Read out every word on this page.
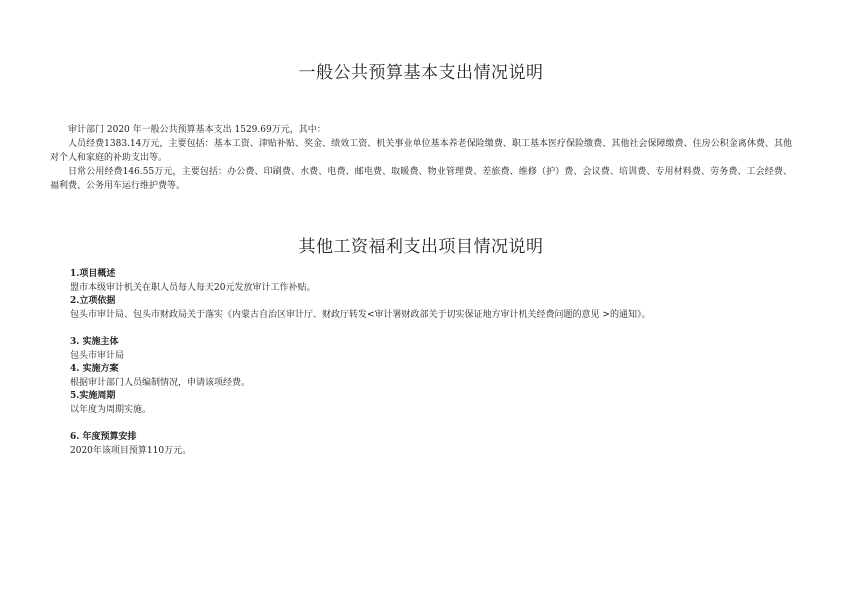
一般公共预算基本支出情况说明

审计部门 2020 年一般公共预算基本支出 1529.69万元，其中：

人员经费1383.14万元，主要包括：基本工资、津贴补贴、奖金、绩效工资、机关事业单位基本养老保险缴费、职工基本医疗保险缴费、其他社会保障缴费、住房公积金离休费、其他对个人和家庭的补助支出等。

日常公用经费146.55万元，主要包括：办公费、印刷费、水费、电费、邮电费、取暖费、物业管理费、差旅费、维修（护）费、会议费、培训费、专用材料费、劳务费、工会经费、福利费、公务用车运行维护费等。

其他工资福利支出项目情况说明
1.项目概述
盟市本级审计机关在职人员每人每天20元发放审计工作补贴。
2.立项依据
包头市审计局、包头市财政局关于落实《内蒙古自治区审计厅、财政厅转发<审计署财政部关于切实保证地方审计机关经费问题的意见 >的通知》。
3. 实施主体
包头市审计局
4. 实施方案
根据审计部门人员编制情况，申请该项经费。
5.实施周期
以年度为周期实施。
6. 年度预算安排
2020年该项目预算110万元。
